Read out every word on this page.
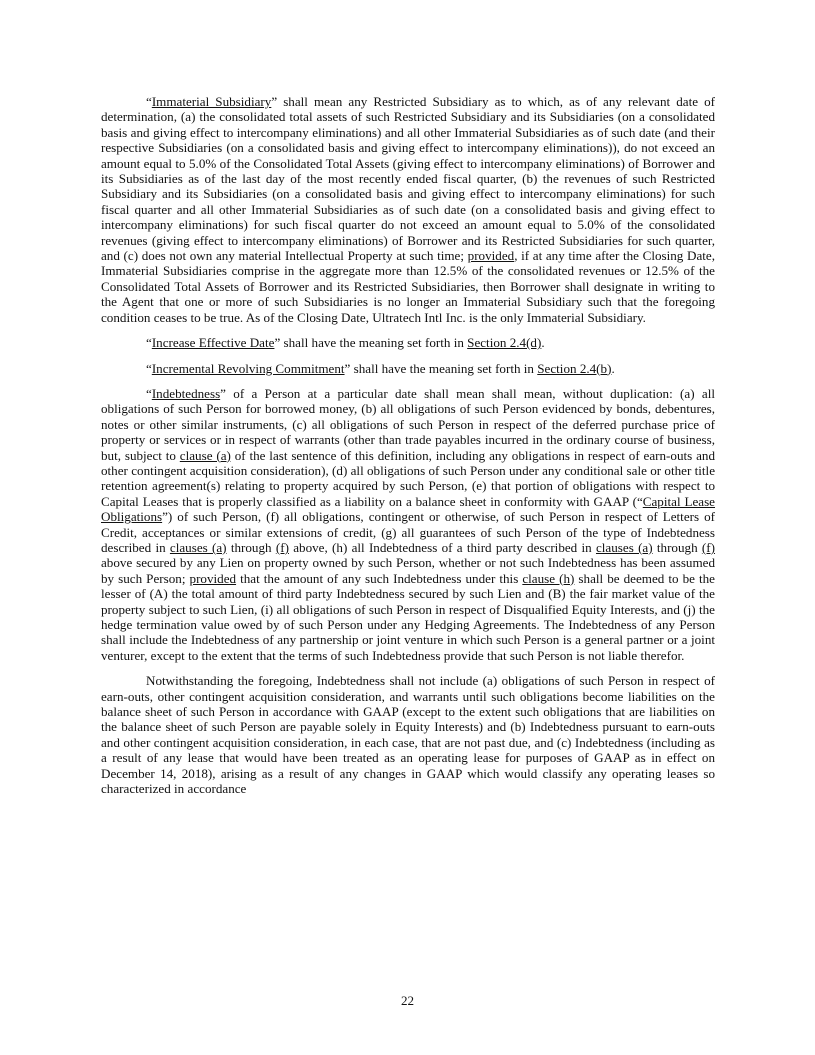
“Immaterial Subsidiary” shall mean any Restricted Subsidiary as to which, as of any relevant date of determination, (a) the consolidated total assets of such Restricted Subsidiary and its Subsidiaries (on a consolidated basis and giving effect to intercompany eliminations) and all other Immaterial Subsidiaries as of such date (and their respective Subsidiaries (on a consolidated basis and giving effect to intercompany eliminations)), do not exceed an amount equal to 5.0% of the Consolidated Total Assets (giving effect to intercompany eliminations) of Borrower and its Subsidiaries as of the last day of the most recently ended fiscal quarter, (b) the revenues of such Restricted Subsidiary and its Subsidiaries (on a consolidated basis and giving effect to intercompany eliminations) for such fiscal quarter and all other Immaterial Subsidiaries as of such date (on a consolidated basis and giving effect to intercompany eliminations) for such fiscal quarter do not exceed an amount equal to 5.0% of the consolidated revenues (giving effect to intercompany eliminations) of Borrower and its Restricted Subsidiaries for such quarter, and (c) does not own any material Intellectual Property at such time; provided, if at any time after the Closing Date, Immaterial Subsidiaries comprise in the aggregate more than 12.5% of the consolidated revenues or 12.5% of the Consolidated Total Assets of Borrower and its Restricted Subsidiaries, then Borrower shall designate in writing to the Agent that one or more of such Subsidiaries is no longer an Immaterial Subsidiary such that the foregoing condition ceases to be true. As of the Closing Date, Ultratech Intl Inc. is the only Immaterial Subsidiary.

“Increase Effective Date” shall have the meaning set forth in Section 2.4(d).

“Incremental Revolving Commitment” shall have the meaning set forth in Section 2.4(b).

“Indebtedness” of a Person at a particular date shall mean shall mean, without duplication: (a) all obligations of such Person for borrowed money, (b) all obligations of such Person evidenced by bonds, debentures, notes or other similar instruments, (c) all obligations of such Person in respect of the deferred purchase price of property or services or in respect of warrants (other than trade payables incurred in the ordinary course of business, but, subject to clause (a) of the last sentence of this definition, including any obligations in respect of earn-outs and other contingent acquisition consideration), (d) all obligations of such Person under any conditional sale or other title retention agreement(s) relating to property acquired by such Person, (e) that portion of obligations with respect to Capital Leases that is properly classified as a liability on a balance sheet in conformity with GAAP (“Capital Lease Obligations”) of such Person, (f) all obligations, contingent or otherwise, of such Person in respect of Letters of Credit, acceptances or similar extensions of credit, (g) all guarantees of such Person of the type of Indebtedness described in clauses (a) through (f) above, (h) all Indebtedness of a third party described in clauses (a) through (f) above secured by any Lien on property owned by such Person, whether or not such Indebtedness has been assumed by such Person; provided that the amount of any such Indebtedness under this clause (h) shall be deemed to be the lesser of (A) the total amount of third party Indebtedness secured by such Lien and (B) the fair market value of the property subject to such Lien, (i) all obligations of such Person in respect of Disqualified Equity Interests, and (j) the hedge termination value owed by of such Person under any Hedging Agreements. The Indebtedness of any Person shall include the Indebtedness of any partnership or joint venture in which such Person is a general partner or a joint venturer, except to the extent that the terms of such Indebtedness provide that such Person is not liable therefor.

Notwithstanding the foregoing, Indebtedness shall not include (a) obligations of such Person in respect of earn-outs, other contingent acquisition consideration, and warrants until such obligations become liabilities on the balance sheet of such Person in accordance with GAAP (except to the extent such obligations that are liabilities on the balance sheet of such Person are payable solely in Equity Interests) and (b) Indebtedness pursuant to earn-outs and other contingent acquisition consideration, in each case, that are not past due, and (c) Indebtedness (including as a result of any lease that would have been treated as an operating lease for purposes of GAAP as in effect on December 14, 2018), arising as a result of any changes in GAAP which would classify any operating leases so characterized in accordance

22
